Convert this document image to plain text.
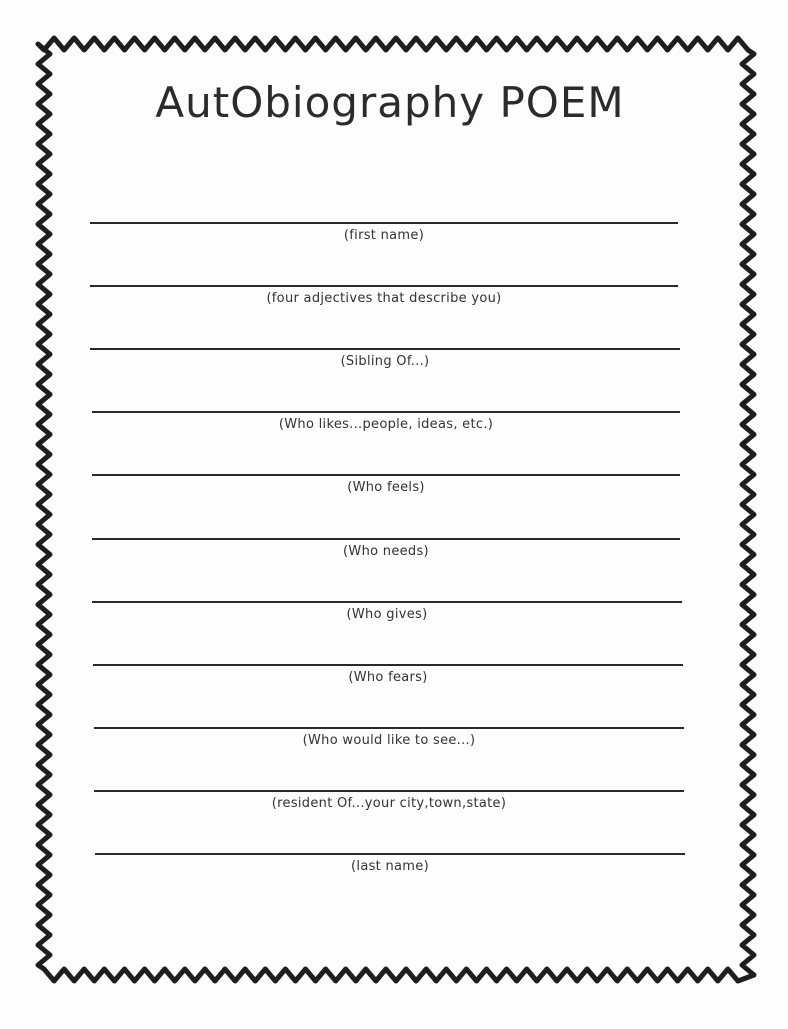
AutObiography POEM
(first name)
(four adjectives that describe you)
(Sibling Of...)
(Who likes...people, ideas, etc.)
(Who feels)
(Who needs)
(Who gives)
(Who fears)
(Who would like to see...)
(resident Of...your city,town,state)
(last name)
